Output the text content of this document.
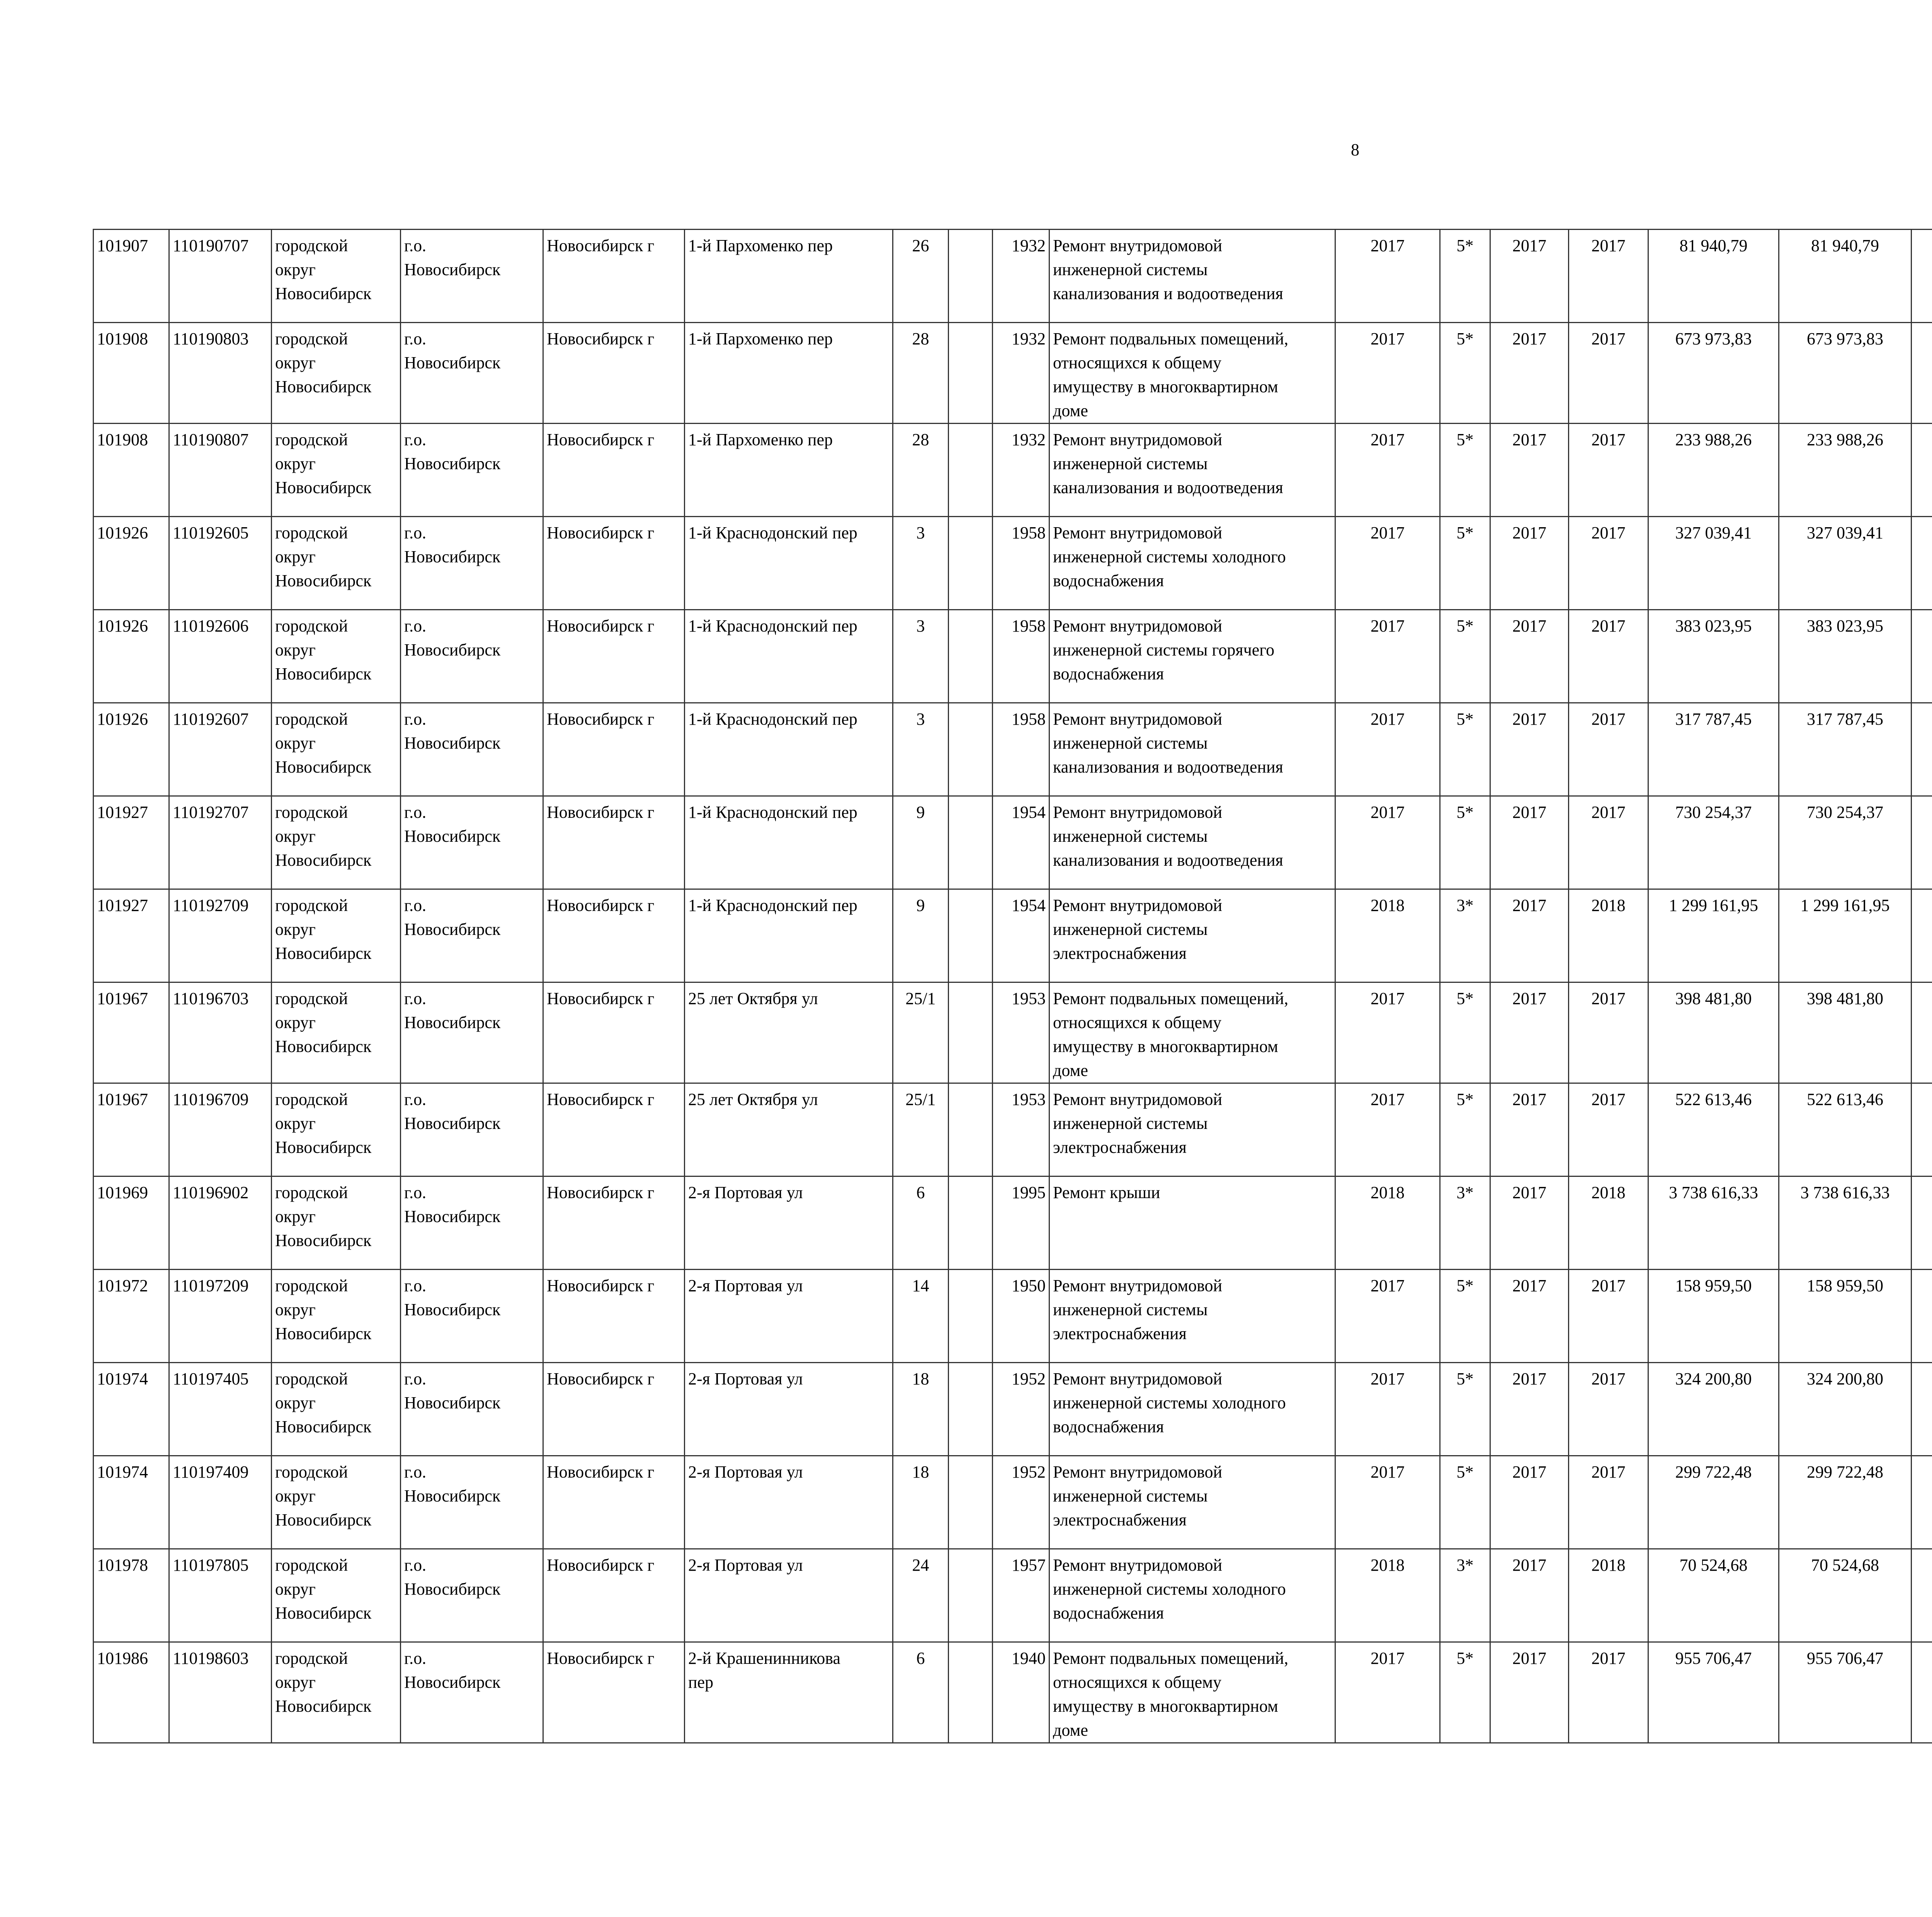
8
101907	110190707	городской
округ
Новосибирск	г.о.
Новосибирск	Новосибирск г	1-й Пархоменко пер	26		1932	Ремонт внутридомовой
инженерной системы
канализования и водоотведения	2017	5*	2017	2017	81 940,79	81 940,79						
101908	110190803	городской
округ
Новосибирск	г.о.
Новосибирск	Новосибирск г	1-й Пархоменко пер	28		1932	Ремонт подвальных помещений,
относящихся к общему
имуществу в многоквартирном
доме	2017	5*	2017	2017	673 973,83	673 973,83						
101908	110190807	городской
округ
Новосибирск	г.о.
Новосибирск	Новосибирск г	1-й Пархоменко пер	28		1932	Ремонт внутридомовой
инженерной системы
канализования и водоотведения	2017	5*	2017	2017	233 988,26	233 988,26						
101926	110192605	городской
округ
Новосибирск	г.о.
Новосибирск	Новосибирск г	1-й Краснодонский пер	3		1958	Ремонт внутридомовой
инженерной системы холодного
водоснабжения	2017	5*	2017	2017	327 039,41	327 039,41						
101926	110192606	городской
округ
Новосибирск	г.о.
Новосибирск	Новосибирск г	1-й Краснодонский пер	3		1958	Ремонт внутридомовой
инженерной системы горячего
водоснабжения	2017	5*	2017	2017	383 023,95	383 023,95						
101926	110192607	городской
округ
Новосибирск	г.о.
Новосибирск	Новосибирск г	1-й Краснодонский пер	3		1958	Ремонт внутридомовой
инженерной системы
канализования и водоотведения	2017	5*	2017	2017	317 787,45	317 787,45						
101927	110192707	городской
округ
Новосибирск	г.о.
Новосибирск	Новосибирск г	1-й Краснодонский пер	9		1954	Ремонт внутридомовой
инженерной системы
канализования и водоотведения	2017	5*	2017	2017	730 254,37	730 254,37						
101927	110192709	городской
округ
Новосибирск	г.о.
Новосибирск	Новосибирск г	1-й Краснодонский пер	9		1954	Ремонт внутридомовой
инженерной системы
электроснабжения	2018	3*	2017	2018	1 299 161,95	1 299 161,95						
101967	110196703	городской
округ
Новосибирск	г.о.
Новосибирск	Новосибирск г	25 лет Октября ул	25/1		1953	Ремонт подвальных помещений,
относящихся к общему
имуществу в многоквартирном
доме	2017	5*	2017	2017	398 481,80	398 481,80						
101967	110196709	городской
округ
Новосибирск	г.о.
Новосибирск	Новосибирск г	25 лет Октября ул	25/1		1953	Ремонт внутридомовой
инженерной системы
электроснабжения	2017	5*	2017	2017	522 613,46	522 613,46						
101969	110196902	городской
округ
Новосибирск	г.о.
Новосибирск	Новосибирск г	2-я Портовая ул	6		1995	Ремонт крыши	2018	3*	2017	2018	3 738 616,33	3 738 616,33						
101972	110197209	городской
округ
Новосибирск	г.о.
Новосибирск	Новосибирск г	2-я Портовая ул	14		1950	Ремонт внутридомовой
инженерной системы
электроснабжения	2017	5*	2017	2017	158 959,50	158 959,50						
101974	110197405	городской
округ
Новосибирск	г.о.
Новосибирск	Новосибирск г	2-я Портовая ул	18		1952	Ремонт внутридомовой
инженерной системы холодного
водоснабжения	2017	5*	2017	2017	324 200,80	324 200,80						
101974	110197409	городской
округ
Новосибирск	г.о.
Новосибирск	Новосибирск г	2-я Портовая ул	18		1952	Ремонт внутридомовой
инженерной системы
электроснабжения	2017	5*	2017	2017	299 722,48	299 722,48						
101978	110197805	городской
округ
Новосибирск	г.о.
Новосибирск	Новосибирск г	2-я Портовая ул	24		1957	Ремонт внутридомовой
инженерной системы холодного
водоснабжения	2018	3*	2017	2018	70 524,68	70 524,68						
101986	110198603	городской
округ
Новосибирск	г.о.
Новосибирск	Новосибирск г	2-й Крашенинникова
пер	6		1940	Ремонт подвальных помещений,
относящихся к общему
имуществу в многоквартирном
доме	2017	5*	2017	2017	955 706,47	955 706,47						
